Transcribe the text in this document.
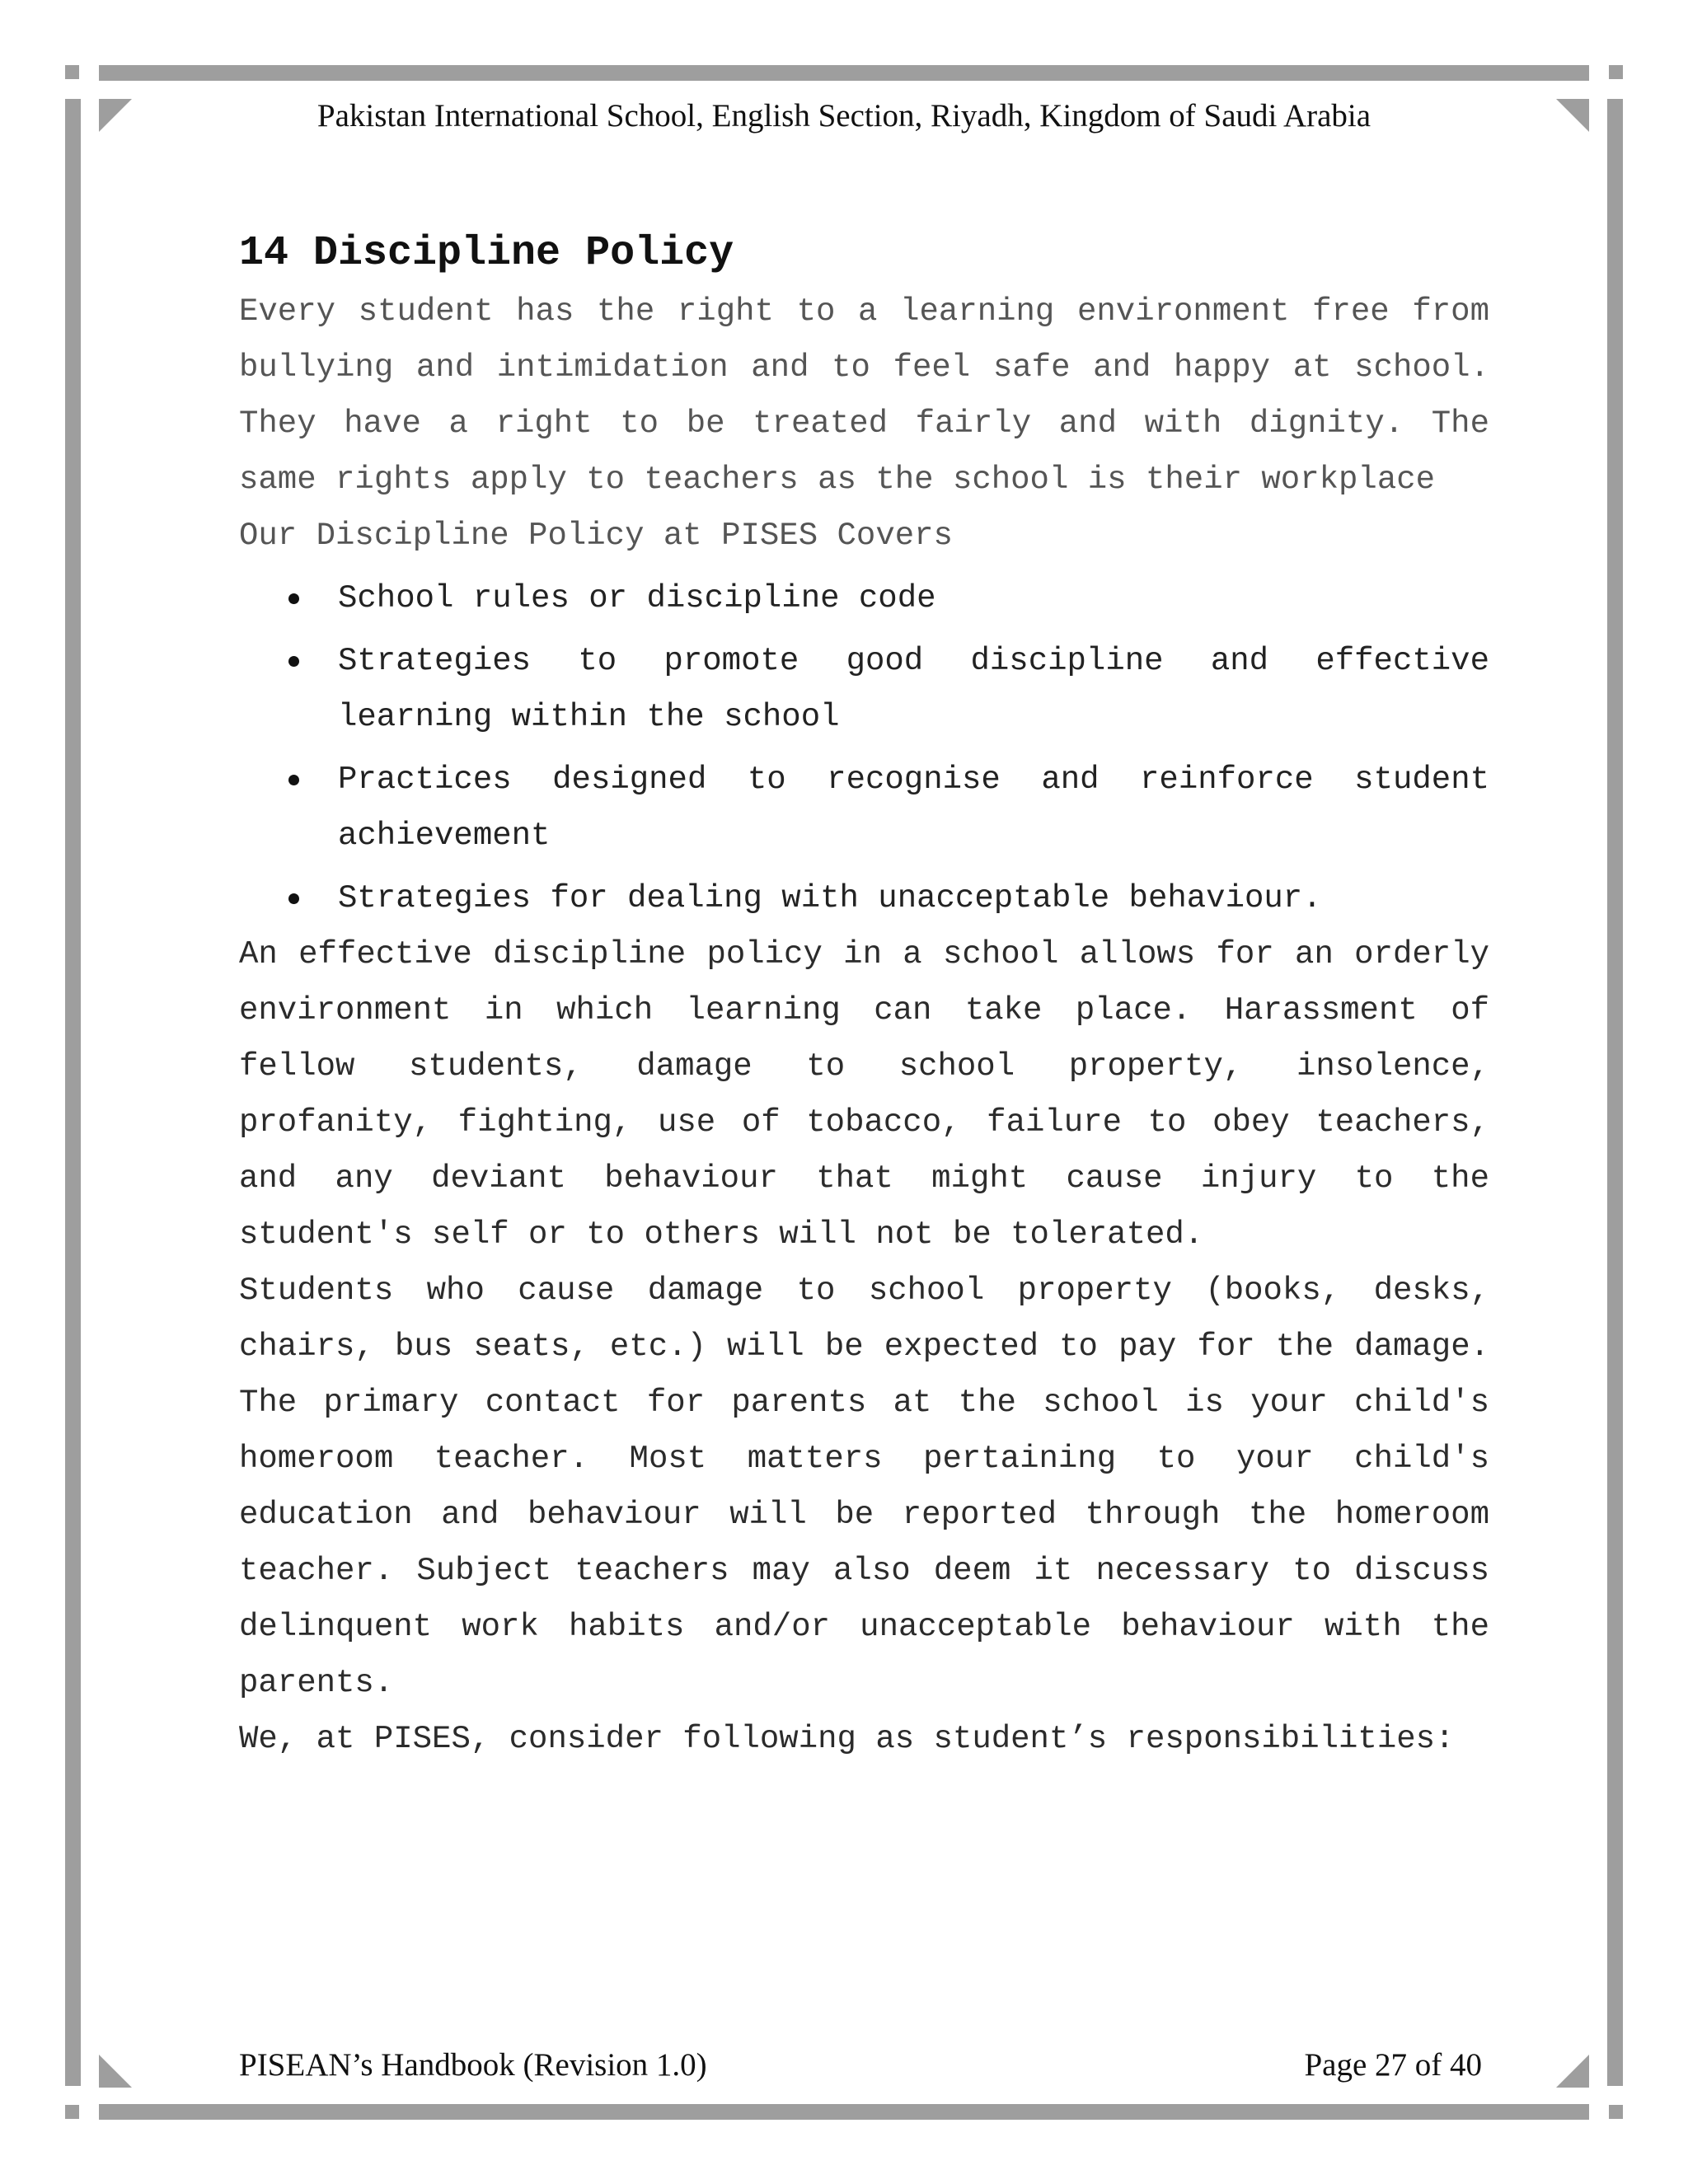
Pakistan International School, English Section, Riyadh, Kingdom of Saudi Arabia
14 Discipline Policy

Every student has the right to a learning environment free from bullying and intimidation and to feel safe and happy at school. They have a right to be treated fairly and with dignity. The same rights apply to teachers as the school is their workplace

Our Discipline Policy at PISES Covers

School rules or discipline code
Strategies to promote good discipline and effective learning within the school
Practices designed to recognise and reinforce student achievement
Strategies for dealing with unacceptable behaviour.

An effective discipline policy in a school allows for an orderly environment in which learning can take place. Harassment of fellow students, damage to school property, insolence, profanity, fighting, use of tobacco, failure to obey teachers, and any deviant behaviour that might cause injury to the student's self or to others will not be tolerated.

Students who cause damage to school property (books, desks, chairs, bus seats, etc.) will be expected to pay for the damage. The primary contact for parents at the school is your child's homeroom teacher. Most matters pertaining to your child's education and behaviour will be reported through the homeroom teacher. Subject teachers may also deem it necessary to discuss delinquent work habits and/or unacceptable behaviour with the parents.

We, at PISES, consider following as student’s responsibilities:

PISEAN’s Handbook (Revision 1.0)	Page 27 of 40
